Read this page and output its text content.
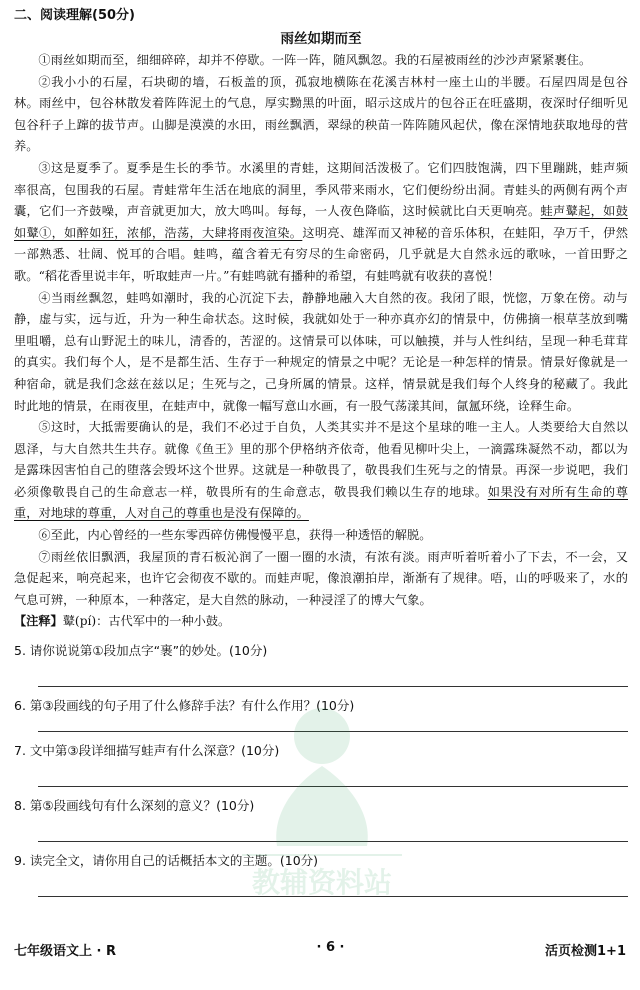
二、阅读理解(50分)
雨丝如期而至
①雨丝如期而至，细细碎碎，却并不停歇。一阵一阵，随风飘忽。我的石屋被雨丝的沙沙声紧紧裹住。
②我小小的石屋，石块砌的墙，石板盖的顶，孤寂地横陈在花溪吉林村一座土山的半腰。石屋四周是包谷林。雨丝中，包谷林散发着阵阵泥土的气息，厚实黝黑的叶面，昭示这成片的包谷正在旺盛期，夜深时仔细听见包谷秆子上蹿的拔节声。山脚是漠漠的水田，雨丝飘洒，翠绿的秧苗一阵阵随风起伏，像在深情地获取地母的营养。
③这是夏季了。夏季是生长的季节。水溪里的青蛙，这期间活泼极了。它们四肢饱满，四下里蹦跳，蛙声频率很高，包围我的石屋。青蛙常年生活在地底的洞里，季风带来雨水，它们便纷纷出洞。青蛙头的两侧有两个声囊，它们一齐鼓噪，声音就更加大，放大鸣叫。每每，一人夜色降临，这时候就比白天更响亮。蛙声鼙起，如鼓如鼙①，如醉如狂，浓郁，浩荡，大肆将雨夜渲染。这明亮、雄浑而又神秘的音乐体积，在蛙阳，孕万千，伊然一部熟悉、壮阔、悦耳的合唱。蛙鸣，蕴含着无有穷尽的生命密码，几乎就是大自然永远的歌咏，一首田野之歌。“稻花香里说丰年，听取蛙声一片。”有蛙鸣就有播种的希望，有蛙鸣就有收获的喜悦！
④当雨丝飘忽，蛙鸣如潮时，我的心沉淀下去，静静地融入大自然的夜。我闭了眼，恍惚，万象在傍。动与静，虚与实，远与近，升为一种生命状态。这时候，我就如处于一种亦真亦幻的情景中，仿佛摘一根草茎放到嘴里咀嚼，总有山野泥土的味儿，清香的，苦涩的。这情景可以体味，可以触摸，并与人性纠结，呈现一种毛茸茸的真实。我们每个人，是不是都生活、生存于一种规定的情景之中呢？无论是一种怎样的情景。情景好像就是一种宿命，就是我们念兹在兹以足；生死与之，己身所属的情景。这样，情景就是我们每个人终身的秘藏了。我此时此地的情景，在雨夜里，在蛙声中，就像一幅写意山水画，有一股气荡漾其间，氤氲环绕，诠释生命。
⑤这时，大抵需要确认的是，我们不必过于自负，人类其实并不是这个星球的唯一主人。人类要给大自然以恩泽，与大自然共生共存。就像《鱼王》里的那个伊格纳齐依奇，他看见柳叶尖上，一滴露珠凝然不动，都以为是露珠因害怕自己的堕落会毁坏这个世界。这就是一种敬畏了，敬畏我们生死与之的情景。再深一步说吧，我们必须像敬畏自己的生命意志一样，敬畏所有的生命意志，敬畏我们赖以生存的地球。如果没有对所有生命的尊重，对地球的尊重，人对自己的尊重也是没有保障的。
⑥至此，内心曾经的一些东零西碎仿佛慢慢平息，获得一种透悟的解脱。
⑦雨丝依旧飘洒，我屋顶的青石板沁润了一圈一圈的水渍，有浓有淡。雨声听着听着小了下去，不一会，又急促起来，响亮起来，也许它会彻夜不歇的。而蛙声呢，像浪潮拍岸，渐渐有了规律。唔，山的呼吸来了，水的气息可辨，一种原本，一种落定，是大自然的脉动，一种浸淫了的博大气象。
【注释】鼙(pí)：古代军中的一种小鼓。
5. 请你说说第①段加点字“裹”的妙处。(10分)
6. 第③段画线的句子用了什么修辞手法？有什么作用？(10分)
7. 文中第③段详细描写蛙声有什么深意？(10分)
8. 第⑤段画线句有什么深刻的意义？(10分)
9. 读完全文，请你用自己的话概括本文的主题。(10分)
教辅资料站
七年级语文上 · R	· 6 ·	活页检测1+1
